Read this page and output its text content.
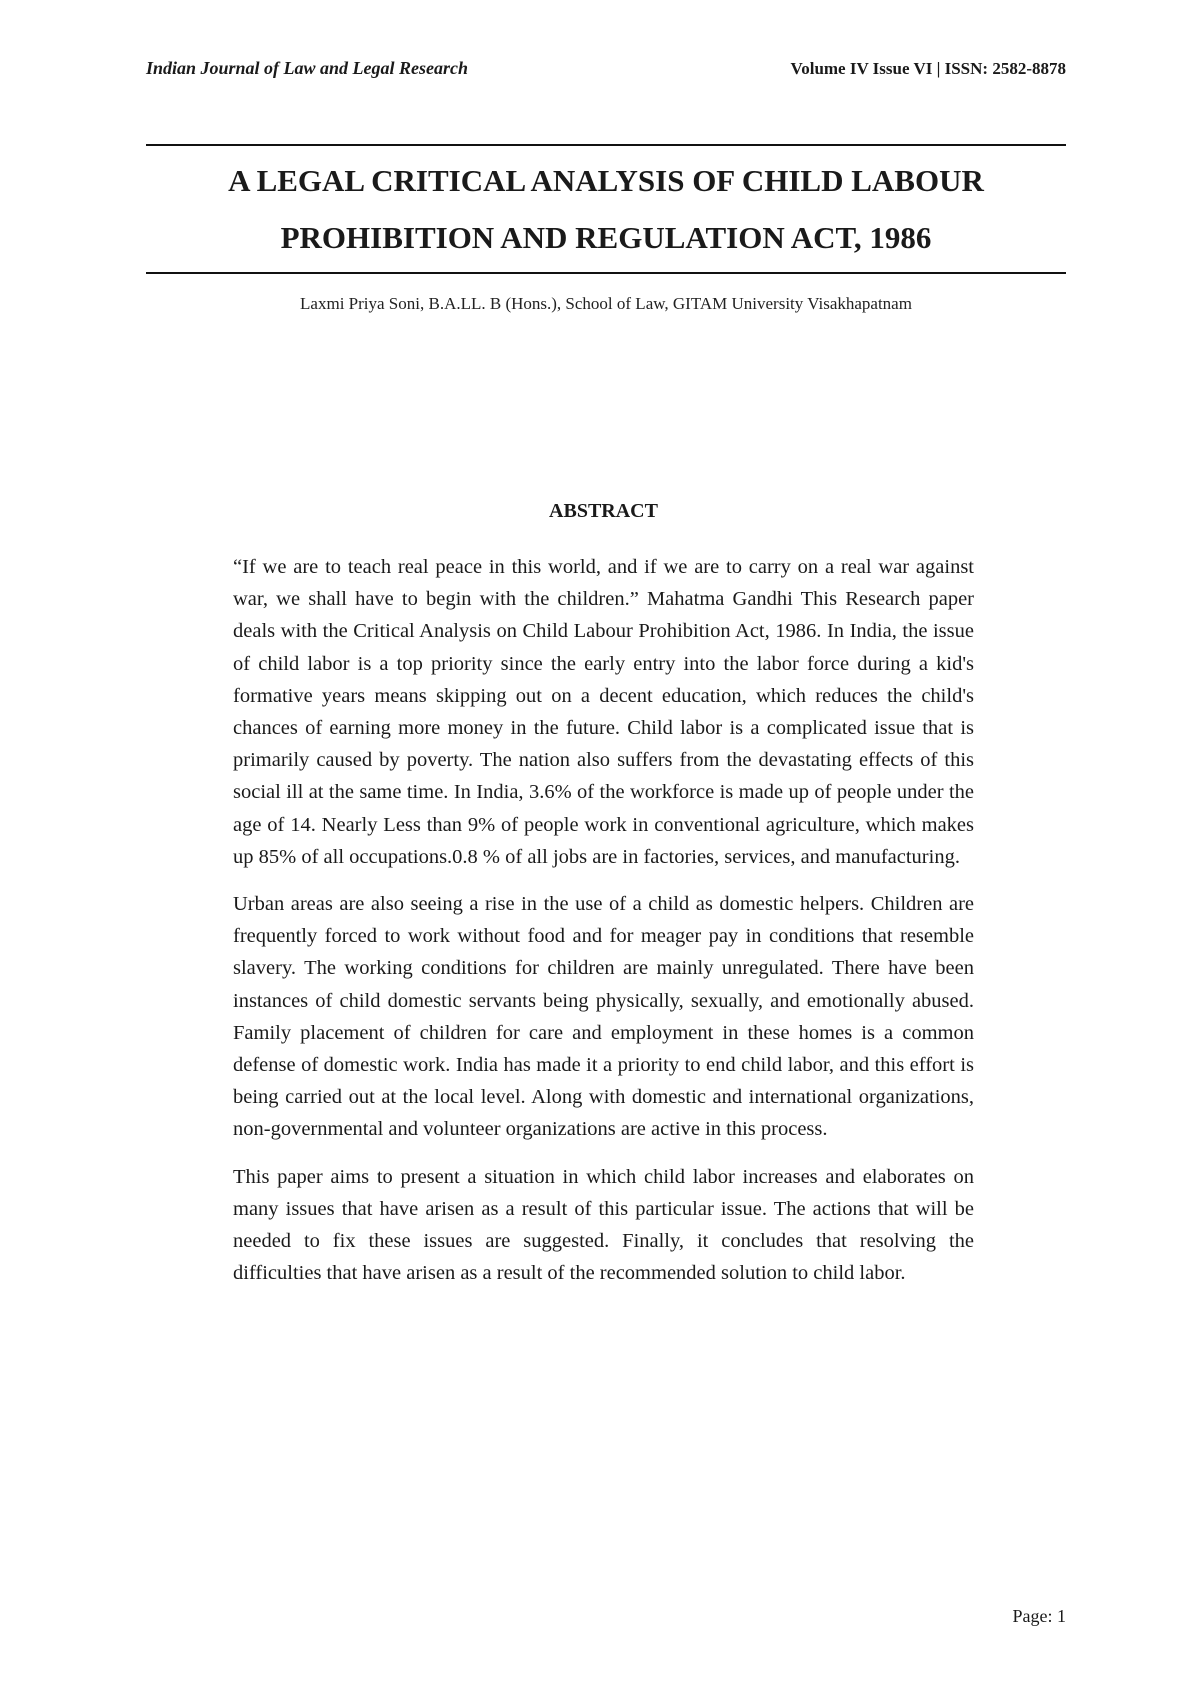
Indian Journal of Law and Legal Research	Volume IV Issue VI | ISSN: 2582-8878
A LEGAL CRITICAL ANALYSIS OF CHILD LABOUR
PROHIBITION AND REGULATION ACT, 1986
Laxmi Priya Soni, B.A.LL. B (Hons.), School of Law, GITAM University Visakhapatnam
ABSTRACT

“If we are to teach real peace in this world, and if we are to carry on a real war against war, we shall have to begin with the children.” Mahatma Gandhi This Research paper deals with the Critical Analysis on Child Labour Prohibition Act, 1986. In India, the issue of child labor is a top priority since the early entry into the labor force during a kid's formative years means skipping out on a decent education, which reduces the child's chances of earning more money in the future. Child labor is a complicated issue that is primarily caused by poverty. The nation also suffers from the devastating effects of this social ill at the same time. In India, 3.6% of the workforce is made up of people under the age of 14. Nearly Less than 9% of people work in conventional agriculture, which makes up 85% of all occupations.0.8 % of all jobs are in factories, services, and manufacturing.

Urban areas are also seeing a rise in the use of a child as domestic helpers. Children are frequently forced to work without food and for meager pay in conditions that resemble slavery. The working conditions for children are mainly unregulated. There have been instances of child domestic servants being physically, sexually, and emotionally abused. Family placement of children for care and employment in these homes is a common defense of domestic work. India has made it a priority to end child labor, and this effort is being carried out at the local level. Along with domestic and international organizations, non-governmental and volunteer organizations are active in this process.

This paper aims to present a situation in which child labor increases and elaborates on many issues that have arisen as a result of this particular issue. The actions that will be needed to fix these issues are suggested. Finally, it concludes that resolving the difficulties that have arisen as a result of the recommended solution to child labor.

Page: 1
